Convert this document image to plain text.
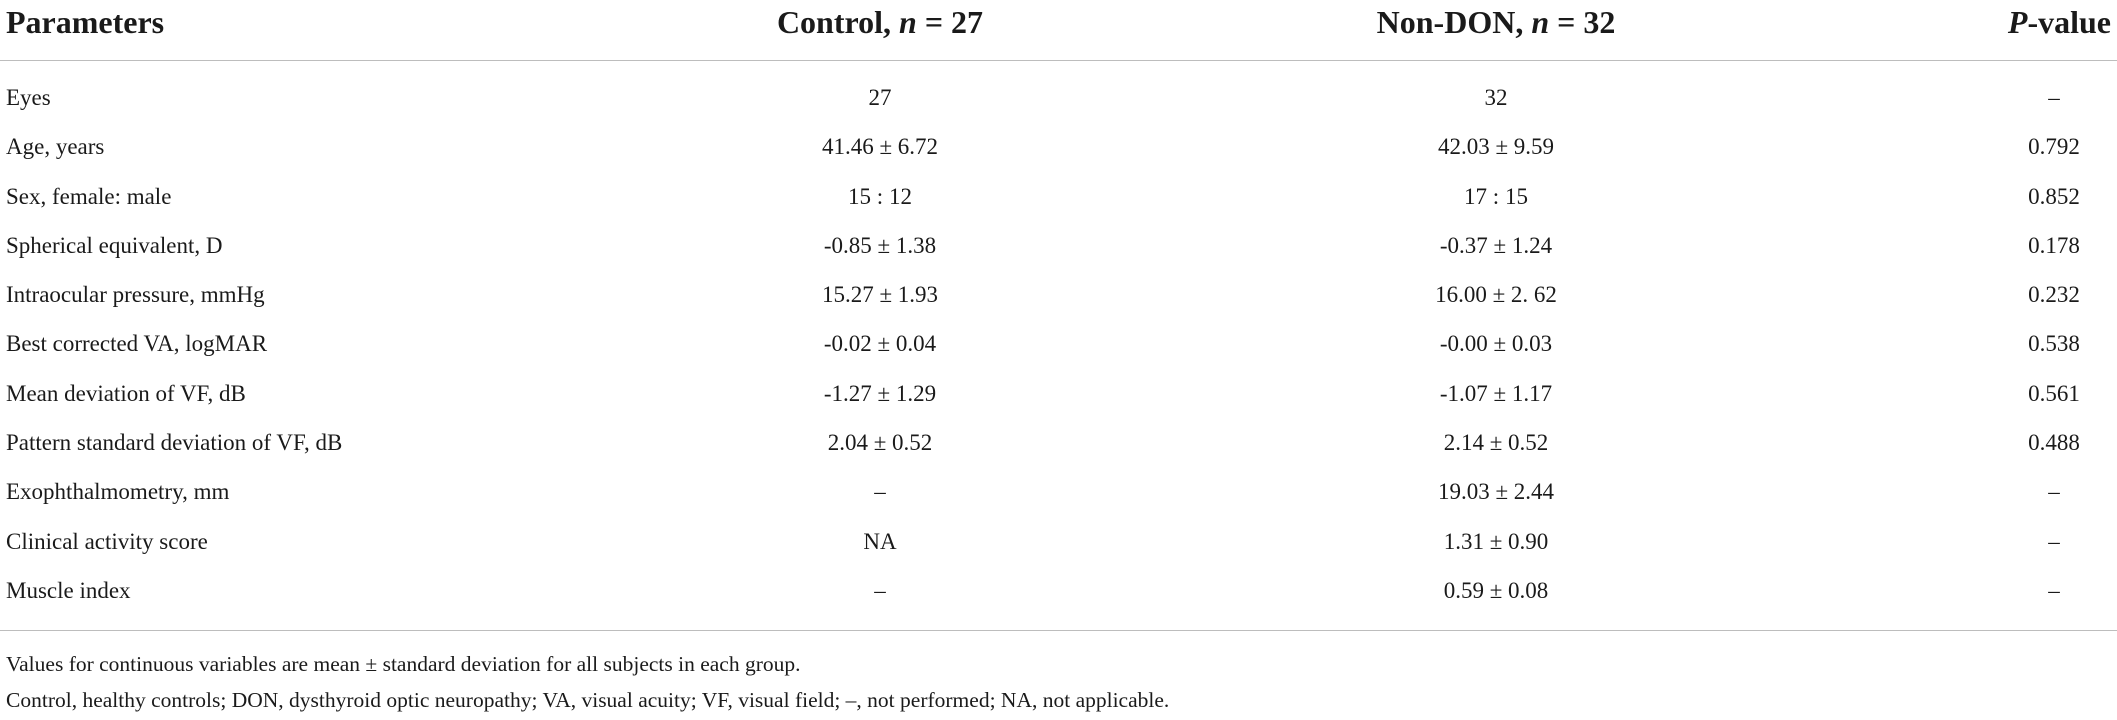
Parameters	Control, n = 27	Non-DON, n = 32	P-value
Eyes	27	32	–
Age, years	41.46 ± 6.72	42.03 ± 9.59	0.792
Sex, female: male	15 : 12	17 : 15	0.852
Spherical equivalent, D	-0.85 ± 1.38	-0.37 ± 1.24	0.178
Intraocular pressure, mmHg	15.27 ± 1.93	16.00 ± 2. 62	0.232
Best corrected VA, logMAR	-0.02 ± 0.04	-0.00 ± 0.03	0.538
Mean deviation of VF, dB	-1.27 ± 1.29	-1.07 ± 1.17	0.561
Pattern standard deviation of VF, dB	2.04 ± 0.52	2.14 ± 0.52	0.488
Exophthalmometry, mm	–	19.03 ± 2.44	–
Clinical activity score	NA	1.31 ± 0.90	–
Muscle index	–	0.59 ± 0.08	–
Values for continuous variables are mean ± standard deviation for all subjects in each group.
Control, healthy controls; DON, dysthyroid optic neuropathy; VA, visual acuity; VF, visual field; –, not performed; NA, not applicable.
